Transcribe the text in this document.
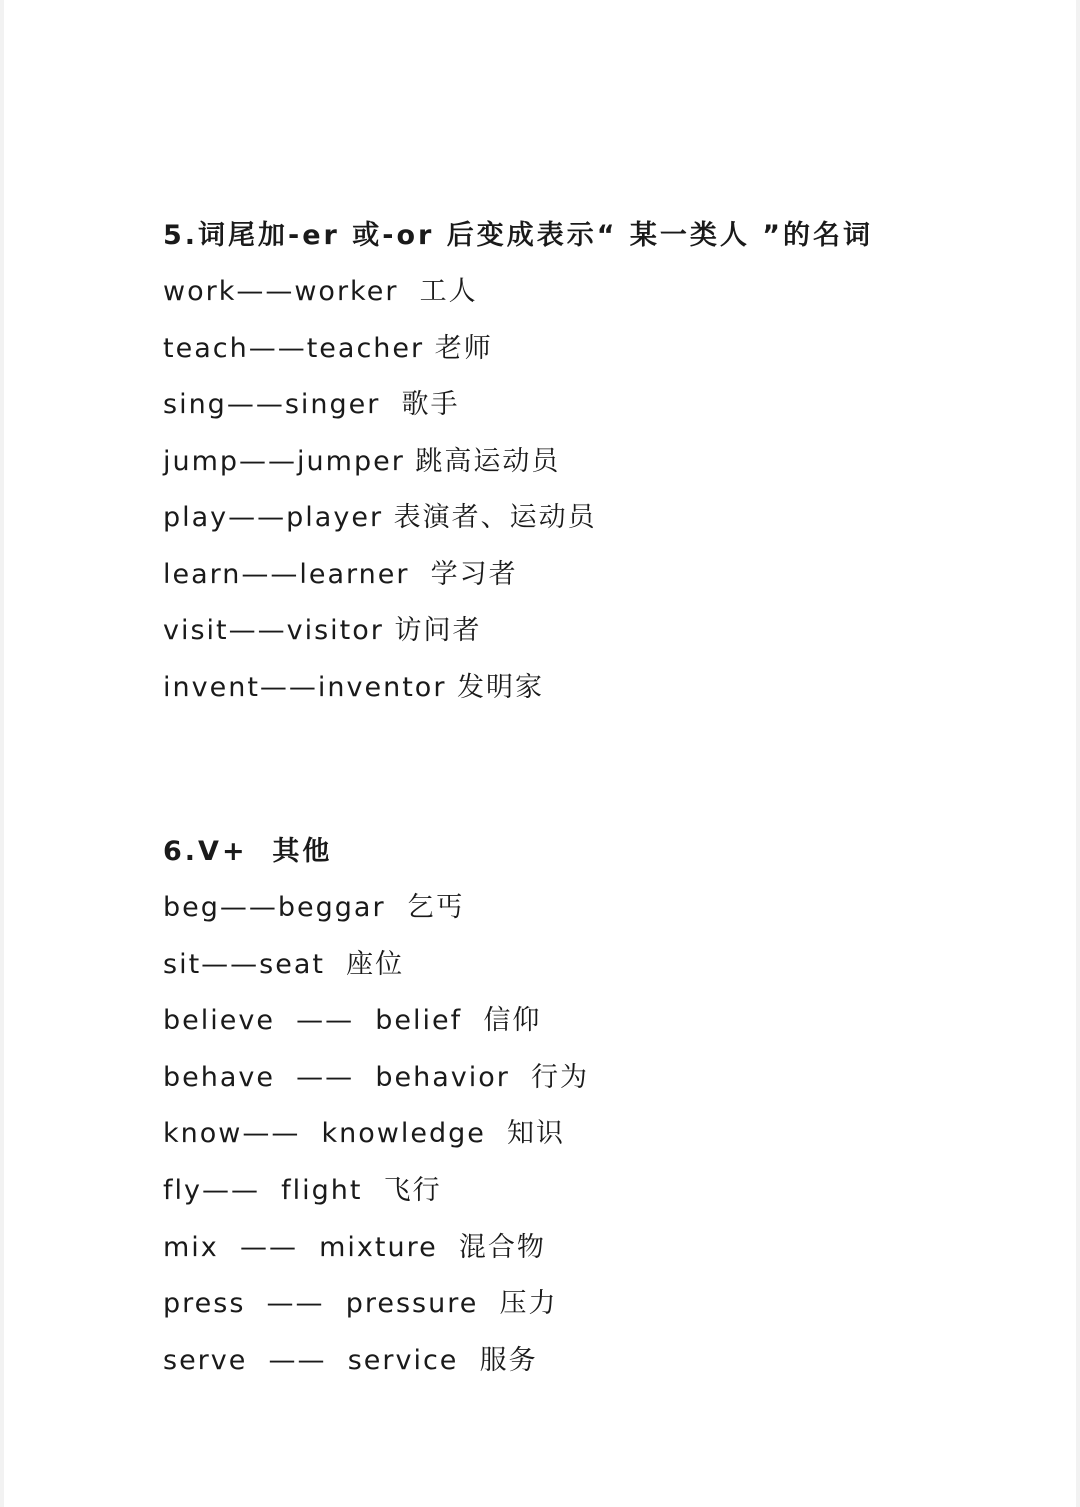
5.词尾加-er 或-or 后变成表示“ 某一类人 ”的名词
work——worker  工人
teach——teacher 老师
sing——singer  歌手
jump——jumper 跳高运动员
play——player 表演者、运动员
learn——learner  学习者
visit——visitor 访问者
invent——inventor 发明家
6.V+  其他
beg——beggar  乞丐
sit——seat  座位
believe  ——  belief  信仰
behave  ——  behavior  行为
know——  knowledge  知识
fly——  flight  飞行
mix  ——  mixture  混合物
press  ——  pressure  压力
serve  ——  service  服务
